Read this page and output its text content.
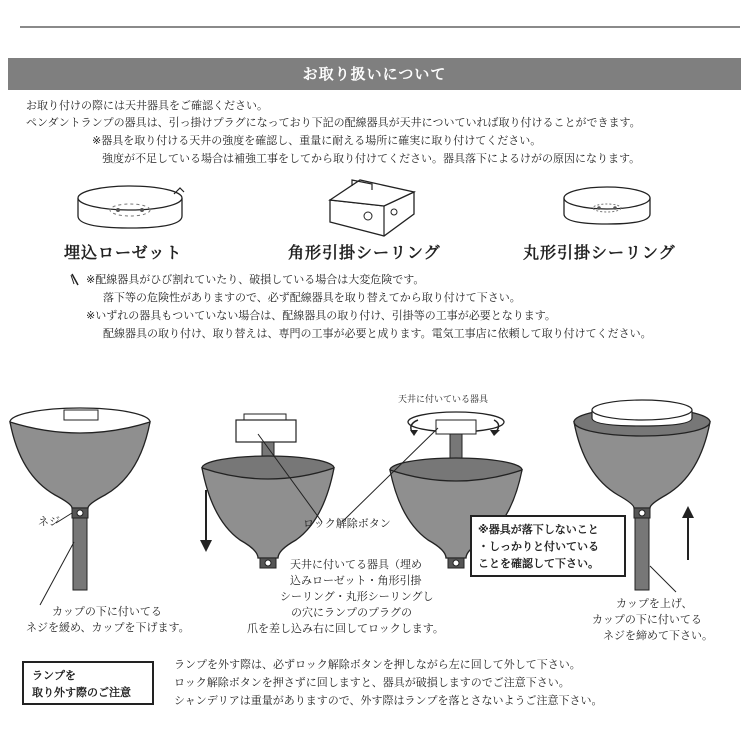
お取り扱いについて
お取り付けの際には天井器具をご確認ください。
ペンダントランプの器具は、引っ掛けプラグになっており下記の配線器具が天井についていれば取り付けることができます。
※器具を取り付ける天井の強度を確認し、重量に耐える場所に確実に取り付けてください。
強度が不足している場合は補強工事をしてから取り付けてください。器具落下によるけがの原因になります。
埋込ローゼット	角形引掛シーリング	丸形引掛シーリング
※配線器具がひび割れていたり、破損している場合は大変危険です。
落下等の危険性がありますので、必ず配線器具を取り替えてから取り付けて下さい。
※いずれの器具もついていない場合は、配線器具の取り付け、引掛等の工事が必要となります。
配線器具の取り付け、取り替えは、専門の工事が必要と成ります。電気工事店に依頼して取り付けてください。
ネジ	ロック解除ボタン
天井に付いている器具
カップの下に付いてる
ネジを緩め、カップを下げます。
天井に付いてる器具（埋め
込みローゼット・角形引掛
シーリング・丸形シーリングし
の穴にランプのプラグの
爪を差し込み右に回してロックします。
※器具が落下しないこと
・しっかりと付いている
ことを確認して下さい。
カップを上げ、
カップの下に付いてる
ネジを締めて下さい。
ランプを
取り外す際のご注意
ランプを外す際は、必ずロック解除ボタンを押しながら左に回して外して下さい。
ロック解除ボタンを押さずに回しますと、器具が破損しますのでご注意下さい。
シャンデリアは重量がありますので、外す際はランプを落とさないようご注意下さい。
